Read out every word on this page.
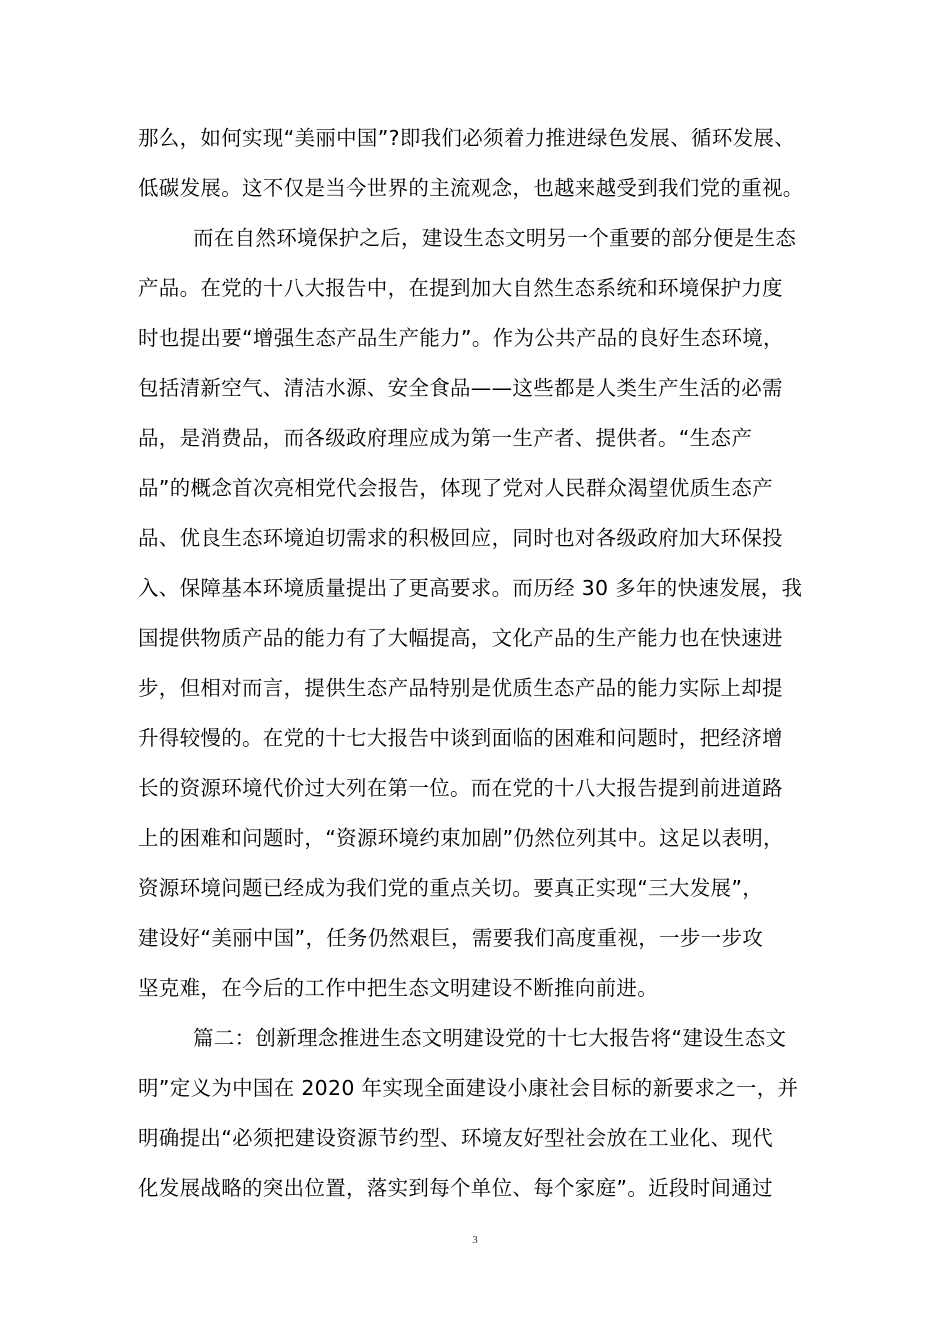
那么，如何实现“美丽中国”?即我们必须着力推进绿色发展、循环发展、
低碳发展。这不仅是当今世界的主流观念，也越来越受到我们党的重视。
而在自然环境保护之后，建设生态文明另一个重要的部分便是生态
产品。在党的十八大报告中，在提到加大自然生态系统和环境保护力度
时也提出要“增强生态产品生产能力”。作为公共产品的良好生态环境，
包括清新空气、清洁水源、安全食品——这些都是人类生产生活的必需
品，是消费品，而各级政府理应成为第一生产者、提供者。“生态产
品”的概念首次亮相党代会报告，体现了党对人民群众渴望优质生态产
品、优良生态环境迫切需求的积极回应，同时也对各级政府加大环保投
入、保障基本环境质量提出了更高要求。而历经 30 多年的快速发展，我
国提供物质产品的能力有了大幅提高，文化产品的生产能力也在快速进
步，但相对而言，提供生态产品特别是优质生态产品的能力实际上却提
升得较慢的。在党的十七大报告中谈到面临的困难和问题时，把经济增
长的资源环境代价过大列在第一位。而在党的十八大报告提到前进道路
上的困难和问题时，“资源环境约束加剧”仍然位列其中。这足以表明，
资源环境问题已经成为我们党的重点关切。要真正实现“三大发展”，
建设好“美丽中国”，任务仍然艰巨，需要我们高度重视，一步一步攻
坚克难，在今后的工作中把生态文明建设不断推向前进。
篇二：创新理念推进生态文明建设党的十七大报告将“建设生态文
明”定义为中国在 2020 年实现全面建设小康社会目标的新要求之一，并
明确提出“必须把建设资源节约型、环境友好型社会放在工业化、现代
化发展战略的突出位置，落实到每个单位、每个家庭”。近段时间通过
3
